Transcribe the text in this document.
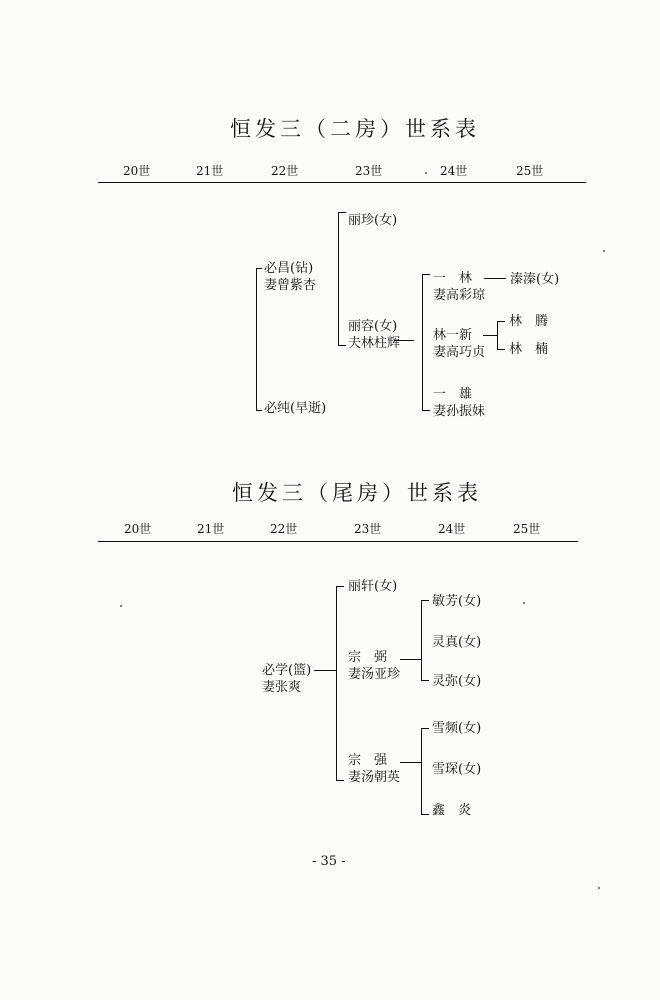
恒发三（二房）世系表
20世	21世	22世	23世	24世	25世
必昌(钻)
妻曾紫杏
必纯(早逝)
丽珍(女)
丽容(女)
夫林柱辉
一　林
妻高彩琼
林一新
妻高巧贞
一　雄
妻孙振妹
溱溱(女)
林　腾
林　楠
恒发三（尾房）世系表
20世	21世	22世	23世	24世	25世
必学(篮)
妻张爽
丽轩(女)
宗　弼
妻汤亚珍
宗　强
妻汤朝英
敏芳(女)
灵真(女)
灵弥(女)
雪频(女)
雪琛(女)
鑫　炎
- 35 -
